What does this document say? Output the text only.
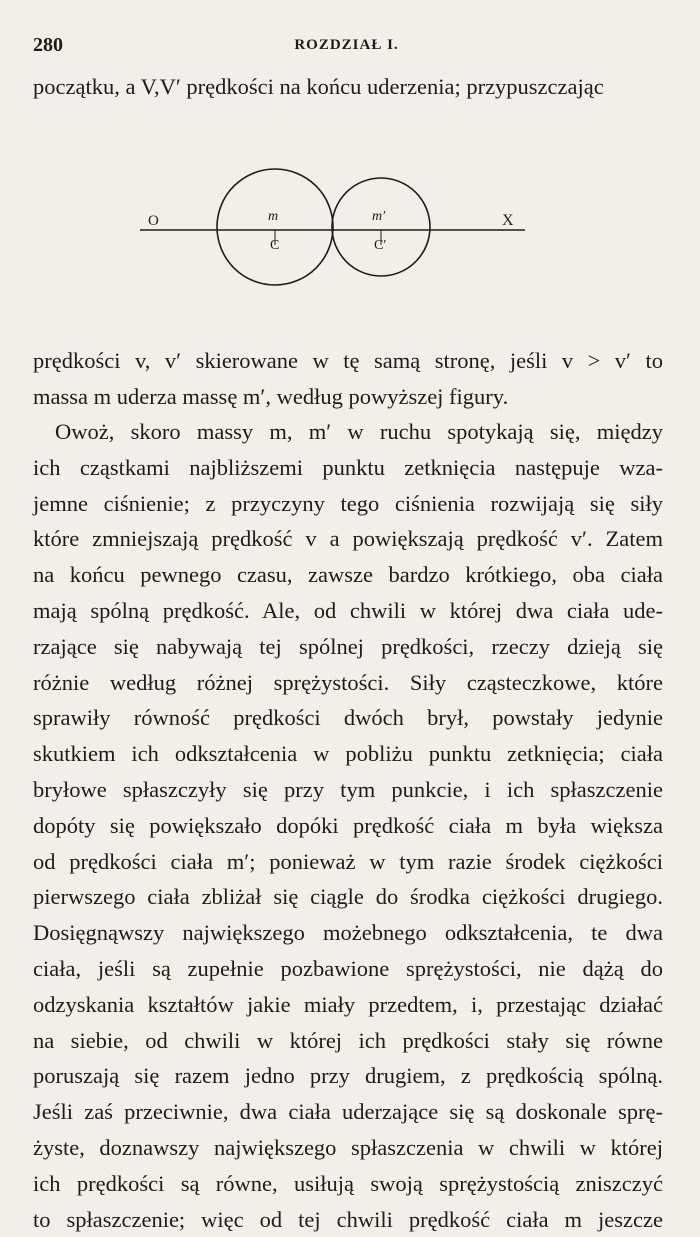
280	ROZDZIAŁ I.
początku, a V,V′ prędkości na końcu uderzenia; przypuszczając
O	X
m
C
m′
C′
prędkości v, v′ skierowane w tę samą stronę, jeśli v > v′ to
massa m uderza massę m′, według powyższej figury.
Owoż, skoro massy m, m′ w ruchu spotykają się, między
ich cząstkami najbliższemi punktu zetknięcia następuje wza-
jemne ciśnienie; z przyczyny tego ciśnienia rozwijają się siły
które zmniejszają prędkość v a powiększają prędkość v′. Zatem
na końcu pewnego czasu, zawsze bardzo krótkiego, oba ciała
mają spólną prędkość. Ale, od chwili w której dwa ciała ude-
rzające się nabywają tej spólnej prędkości, rzeczy dzieją się
różnie według różnej sprężystości. Siły cząsteczkowe, które
sprawiły równość prędkości dwóch brył, powstały jedynie
skutkiem ich odkształcenia w pobliżu punktu zetknięcia; ciała
bryłowe spłaszczyły się przy tym punkcie, i ich spłaszczenie
dopóty się powiększało dopóki prędkość ciała m była większa
od prędkości ciała m′; ponieważ w tym razie środek ciężkości
pierwszego ciała zbliżał się ciągle do środka ciężkości drugiego.
Dosięgnąwszy największego możebnego odkształcenia, te dwa
ciała, jeśli są zupełnie pozbawione sprężystości, nie dążą do
odzyskania kształtów jakie miały przedtem, i, przestając działać
na siebie, od chwili w której ich prędkości stały się równe
poruszają się razem jedno przy drugiem, z prędkością spólną.
Jeśli zaś przeciwnie, dwa ciała uderzające się są doskonale sprę-
żyste, doznawszy największego spłaszczenia w chwili w której
ich prędkości są równe, usiłują swoją sprężystością zniszczyć
to spłaszczenie; więc od tej chwili prędkość ciała m jeszcze
